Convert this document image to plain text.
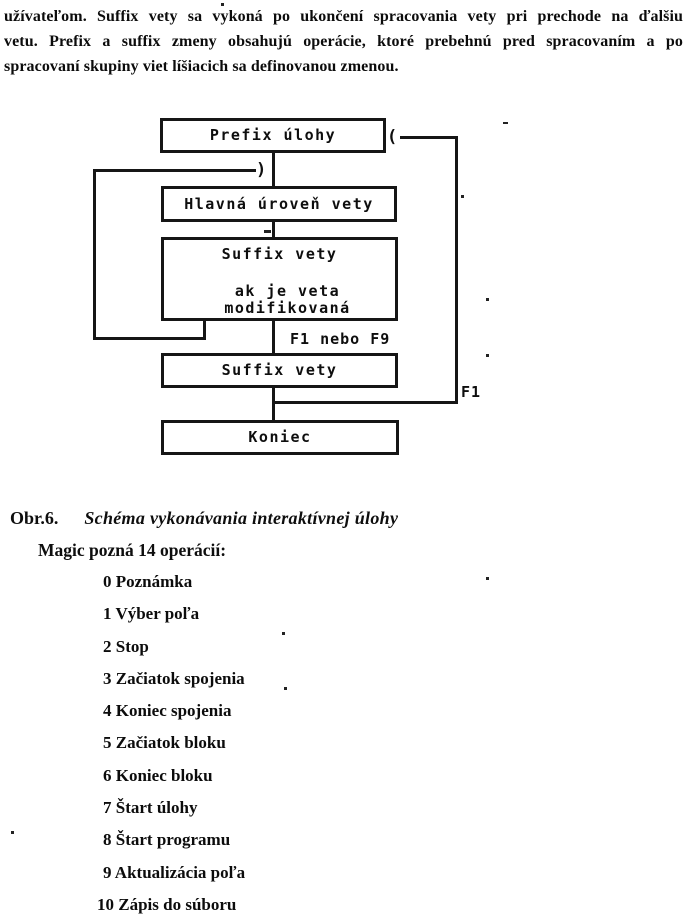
užívateľom. Suffix vety sa vykoná po ukončení spracovania vety pri prechode na ďalšiu
vetu. Prefix a suffix zmeny obsahujú operácie, ktoré prebehnú pred spracovaním a po
spracovaní skupiny viet líšiacich sa definovanou zmenou.
Prefix úlohy
Hlavná úroveň vety
Suffix vety
ak je veta
modifikovaná
Suffix vety
Koniec
)
(
F1 nebo F9
F1
Obr.6. Schéma vykonávania interaktívnej úlohy
Magic pozná 14 operácií:
0 Poznámka
1 Výber poľa
2 Stop
3 Začiatok spojenia
4 Koniec spojenia
5 Začiatok bloku
6 Koniec bloku
7 Štart úlohy
8 Štart programu
9 Aktualizácia poľa
10 Zápis do súboru
